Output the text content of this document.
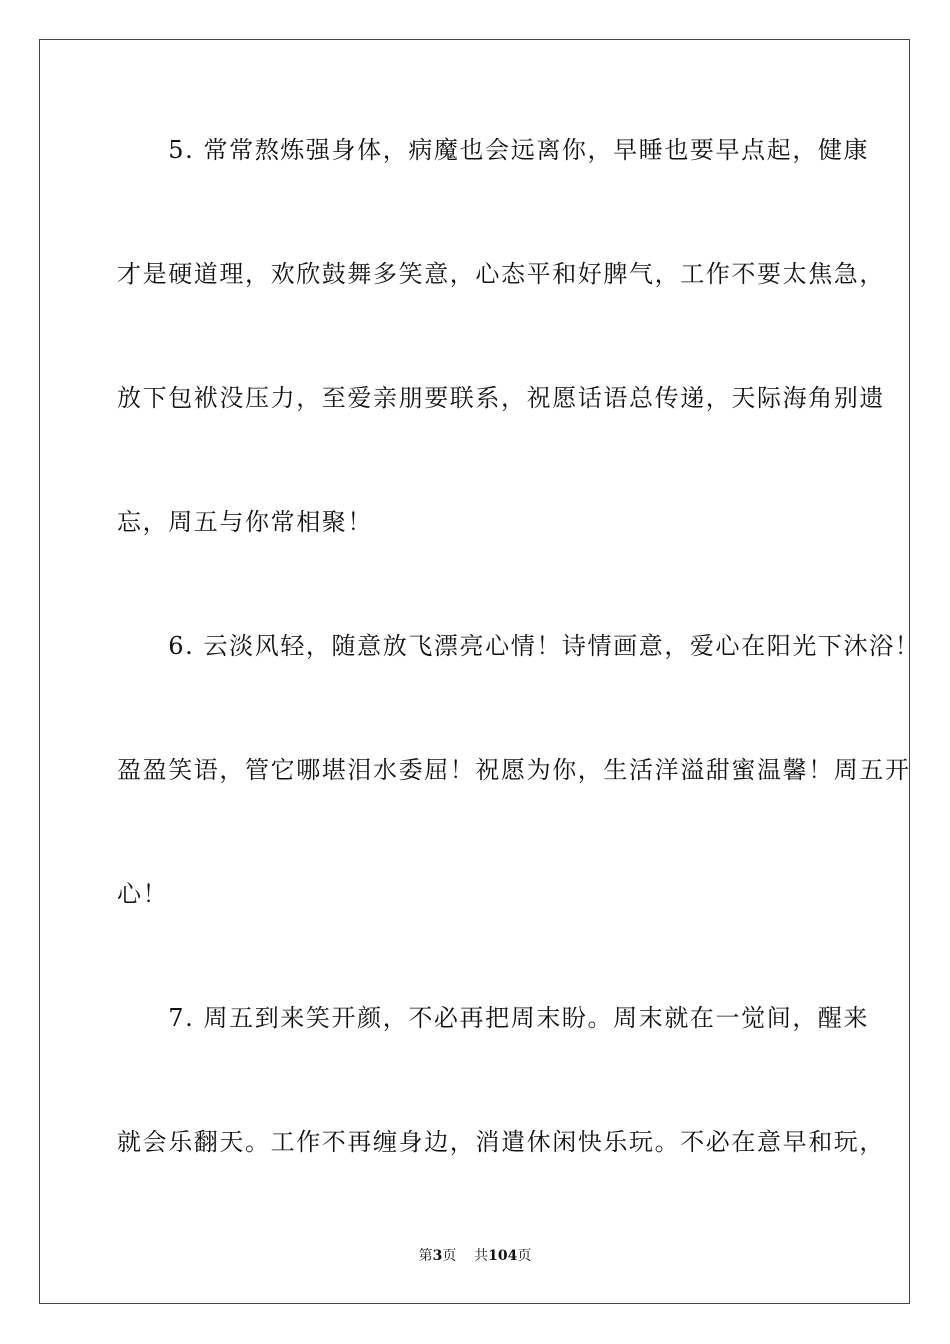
　　5. 常常熬炼强身体，病魔也会远离你，早睡也要早点起，健康
才是硬道理，欢欣鼓舞多笑意，心态平和好脾气，工作不要太焦急，
放下包袱没压力，至爱亲朋要联系，祝愿话语总传递，天际海角别遗
忘，周五与你常相聚！
　　6. 云淡风轻，随意放飞漂亮心情！诗情画意，爱心在阳光下沐浴！
盈盈笑语，管它哪堪泪水委屈！祝愿为你，生活洋溢甜蜜温馨！周五开
心！
　　7. 周五到来笑开颜，不必再把周末盼。周末就在一觉间，醒来
就会乐翻天。工作不再缠身边，消遣休闲快乐玩。不必在意早和玩，
第3页 共104页
